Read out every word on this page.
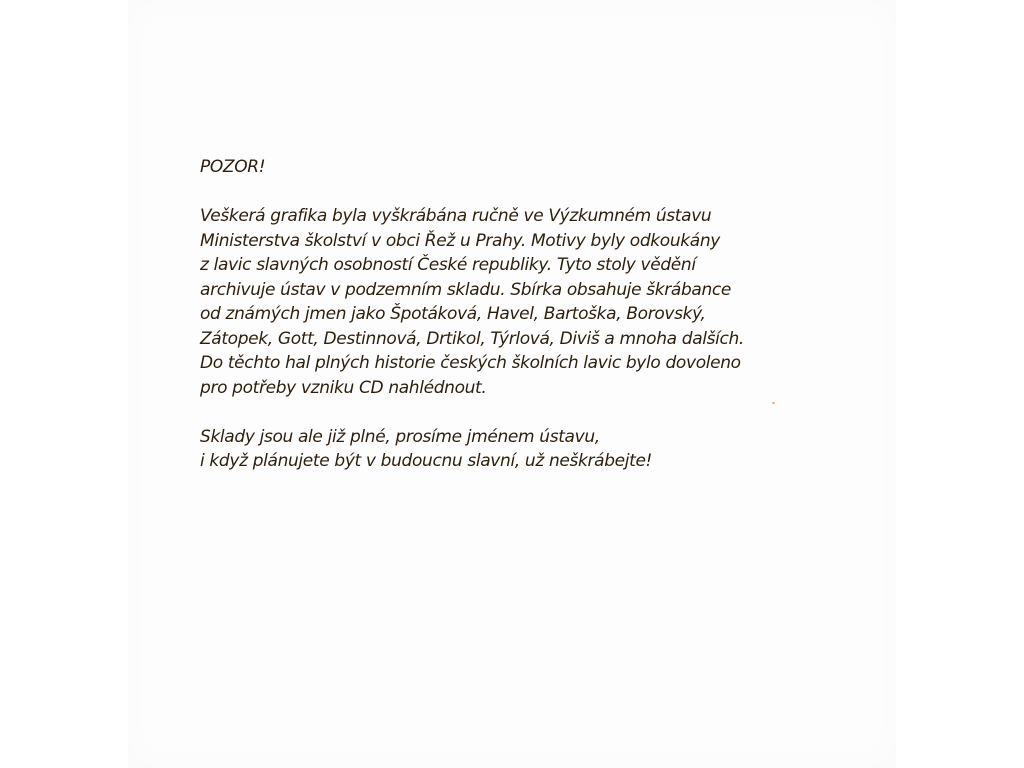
POZOR!
Veškerá grafika byla vyškrábána ručně ve Výzkumném ústavu
Ministerstva školství v obci Řež u Prahy. Motivy byly odkoukány
z lavic slavných osobností České republiky. Tyto stoly vědění
archivuje ústav v podzemním skladu. Sbírka obsahuje škrábance
od známých jmen jako Špotáková, Havel, Bartoška, Borovský,
Zátopek, Gott, Destinnová, Drtikol, Týrlová, Diviš a mnoha dalších.
Do těchto hal plných historie českých školních lavic bylo dovoleno
pro potřeby vzniku CD nahlédnout.
Sklady jsou ale již plné, prosíme jménem ústavu,
i když plánujete být v budoucnu slavní, už neškrábejte!
